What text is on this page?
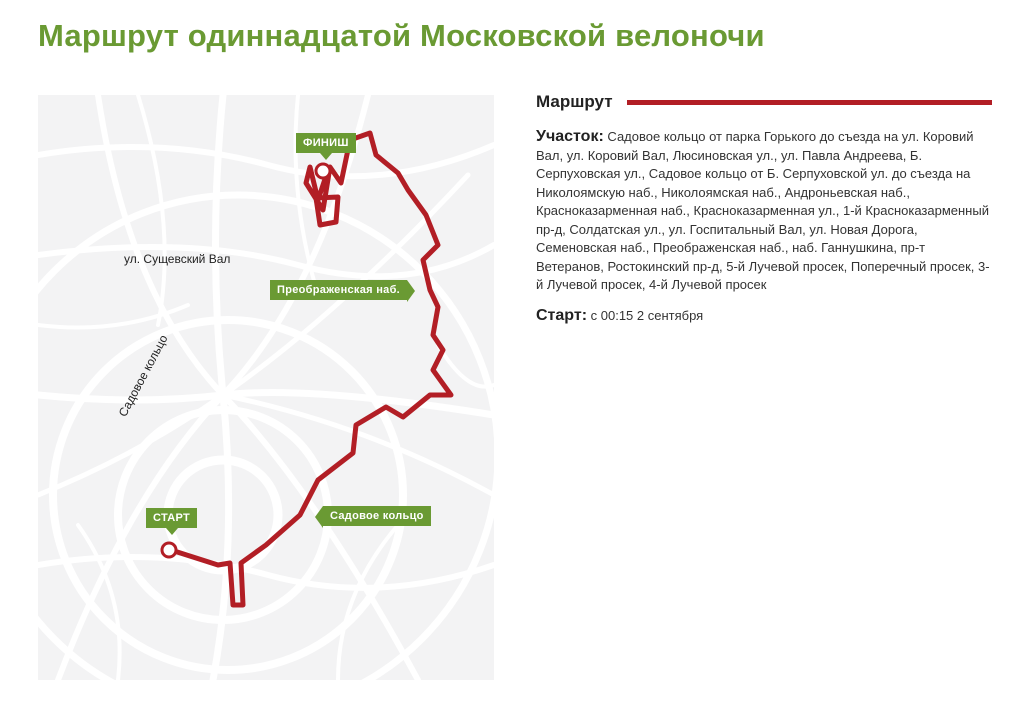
Маршрут одиннадцатой Московской велоночи
ул. Сущевский Вал
Садовое кольцо
ФИНИШ
СТАРТ
Преображенская наб.
Садовое кольцо
Маршрут
Участок: Садовое кольцо от парка Горького до съезда на ул. Коровий Вал, ул. Коровий Вал, Люсиновская ул., ул. Павла Андреева, Б. Серпуховская ул., Садовое кольцо от Б. Серпуховской ул. до съезда на Николоямскую наб., Николоямская наб., Андроньевская наб., Красноказарменная наб., Красноказарменная ул., 1-й Красноказарменный пр-д, Солдатская ул., ул. Госпитальный Вал, ул. Новая Дорога, Семеновская наб., Преображенская наб., наб. Ганнушкина, пр-т Ветеранов, Ростокинский пр-д, 5-й Лучевой просек, Поперечный просек, 3-й Лучевой просек, 4-й Лучевой просек
Старт: с 00:15 2 сентября
